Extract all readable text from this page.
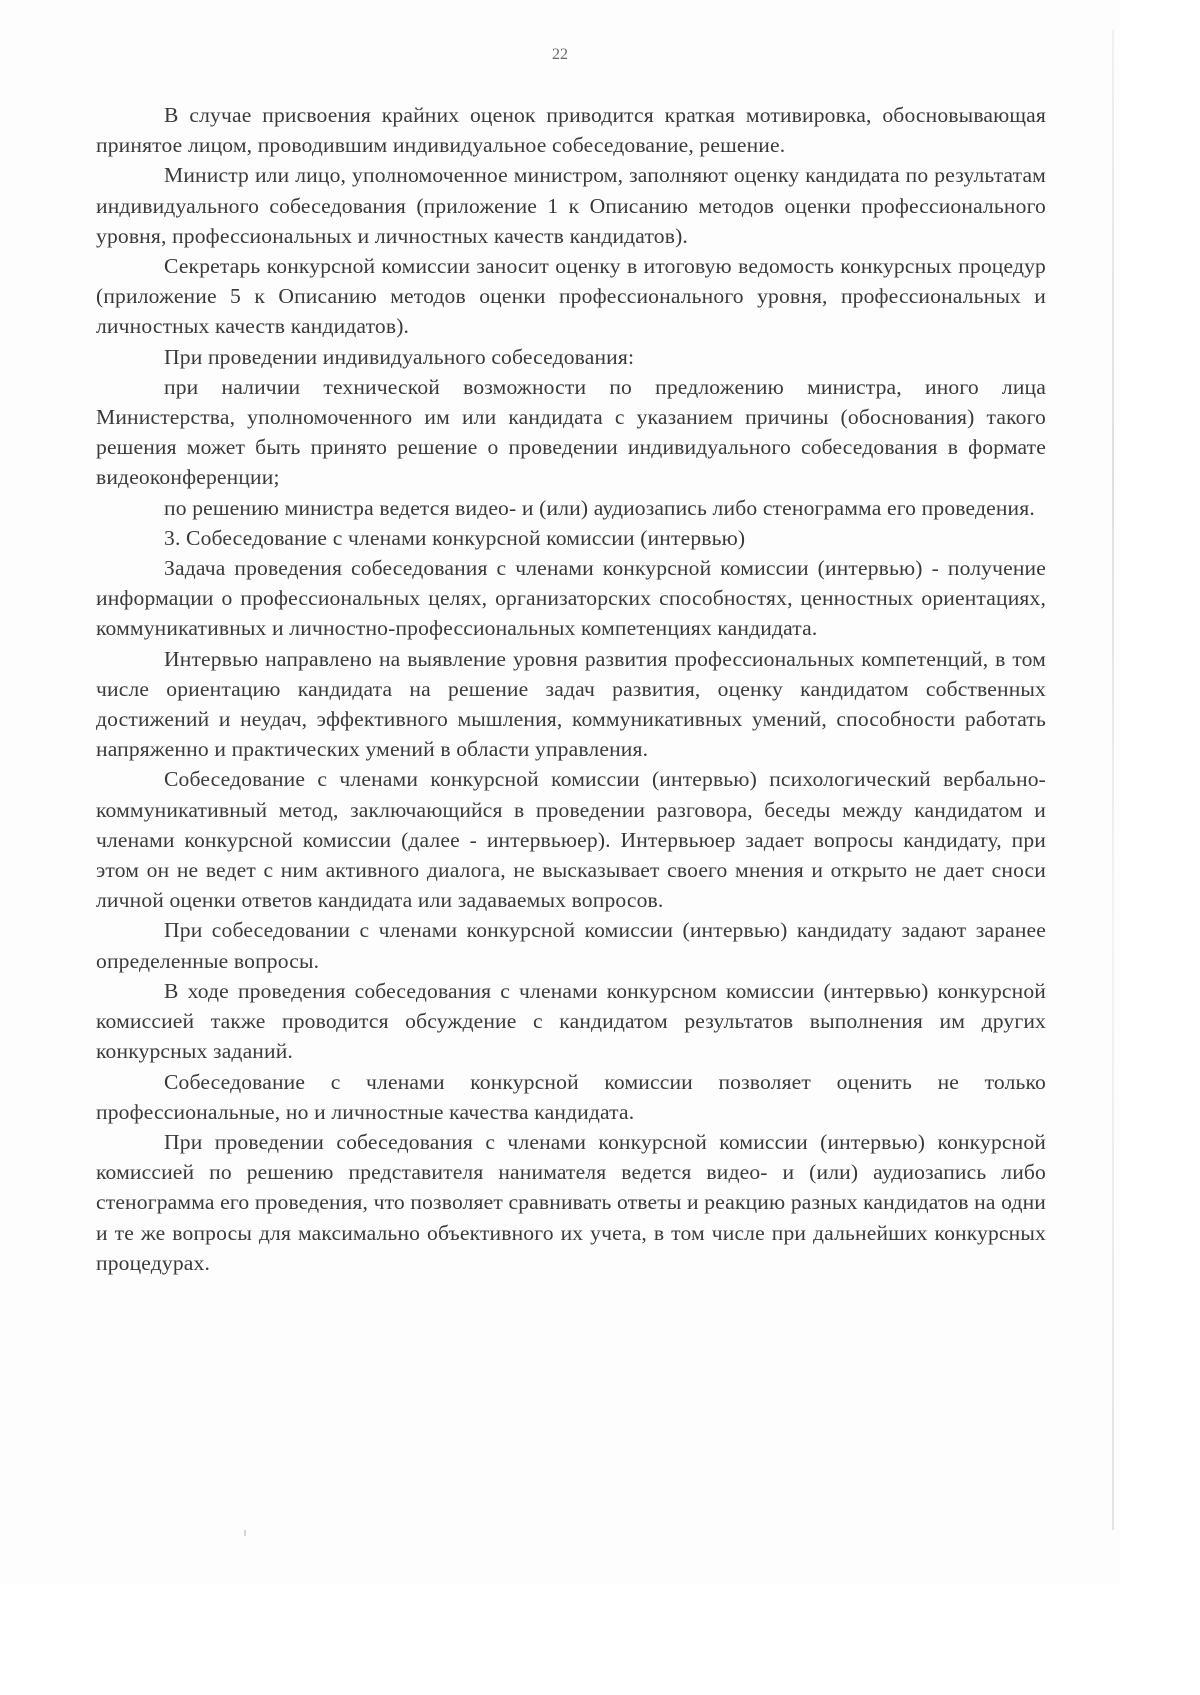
22

В случае присвоения крайних оценок приводится краткая мотивировка, обосновывающая принятое лицом, проводившим индивидуальное собеседование, решение.

Министр или лицо, уполномоченное министром, заполняют оценку кандидата по результатам индивидуального собеседования (приложение 1 к Описанию методов оценки профессионального уровня, профессиональных и личностных качеств кандидатов).

Секретарь конкурсной комиссии заносит оценку в итоговую ведомость конкурсных процедур (приложение 5 к Описанию методов оценки профессионального уровня, профессиональных и личностных качеств кандидатов).

При проведении индивидуального собеседования:

при наличии технической возможности по предложению министра, иного лица Министерства, уполномоченного им или кандидата с указанием причины (обоснования) такого решения может быть принято решение о проведении индивидуального собеседования в формате видеоконференции;

по решению министра ведется видео- и (или) аудиозапись либо стенограмма его проведения.

3. Собеседование с членами конкурсной комиссии (интервью)

Задача проведения собеседования с членами конкурсной комиссии (интервью) - получение информации о профессиональных целях, организаторских способностях, ценностных ориентациях, коммуникативных и личностно-профессиональных компетенциях кандидата.

Интервью направлено на выявление уровня развития профессиональных компетенций, в том числе ориентацию кандидата на решение задач развития, оценку кандидатом собственных достижений и неудач, эффективного мышления, коммуникативных умений, способности работать напряженно и практических умений в области управления.

Собеседование с членами конкурсной комиссии (интервью) психологический вербально-коммуникативный метод, заключающийся в проведении разговора, беседы между кандидатом и членами конкурсной комиссии (далее - интервьюер). Интервьюер задает вопросы кандидату, при этом он не ведет с ним активного диалога, не высказывает своего мнения и открыто не дает сноси личной оценки ответов кандидата или задаваемых вопросов.

При собеседовании с членами конкурсной комиссии (интервью) кандидату задают заранее определенные вопросы.

В ходе проведения собеседования с членами конкурсном комиссии (интервью) конкурсной комиссией также проводится обсуждение с кандидатом результатов выполнения им других конкурсных заданий.

Собеседование с членами конкурсной комиссии позволяет оценить не только профессиональные, но и личностные качества кандидата.

При проведении собеседования с членами конкурсной комиссии (интервью) конкурсной комиссией по решению представителя нанимателя ведется видео- и (или) аудиозапись либо стенограмма его проведения, что позволяет сравнивать ответы и реакцию разных кандидатов на одни и те же вопросы для максимально объективного их учета, в том числе при дальнейших конкурсных процедурах.
